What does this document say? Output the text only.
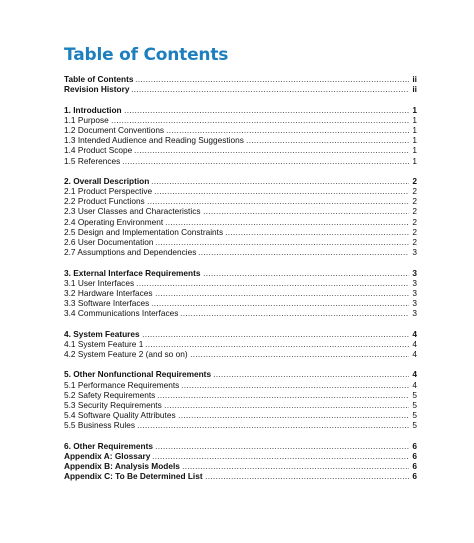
Table of Contents
Table of Contents	ii
Revision History	ii
1. Introduction	1
1.1 Purpose	1
1.2 Document Conventions	1
1.3 Intended Audience and Reading Suggestions	1
1.4 Product Scope	1
1.5 References	1
2. Overall Description	2
2.1 Product Perspective	2
2.2 Product Functions	2
2.3 User Classes and Characteristics	2
2.4 Operating Environment	2
2.5 Design and Implementation Constraints	2
2.6 User Documentation	2
2.7 Assumptions and Dependencies	3
3. External Interface Requirements	3
3.1 User Interfaces	3
3.2 Hardware Interfaces	3
3.3 Software Interfaces	3
3.4 Communications Interfaces	3
4. System Features	4
4.1 System Feature 1	4
4.2 System Feature 2 (and so on)	4
5. Other Nonfunctional Requirements	4
5.1 Performance Requirements	4
5.2 Safety Requirements	5
5.3 Security Requirements	5
5.4 Software Quality Attributes	5
5.5 Business Rules	5
6. Other Requirements	6
Appendix A: Glossary	6
Appendix B: Analysis Models	6
Appendix C: To Be Determined List	6
